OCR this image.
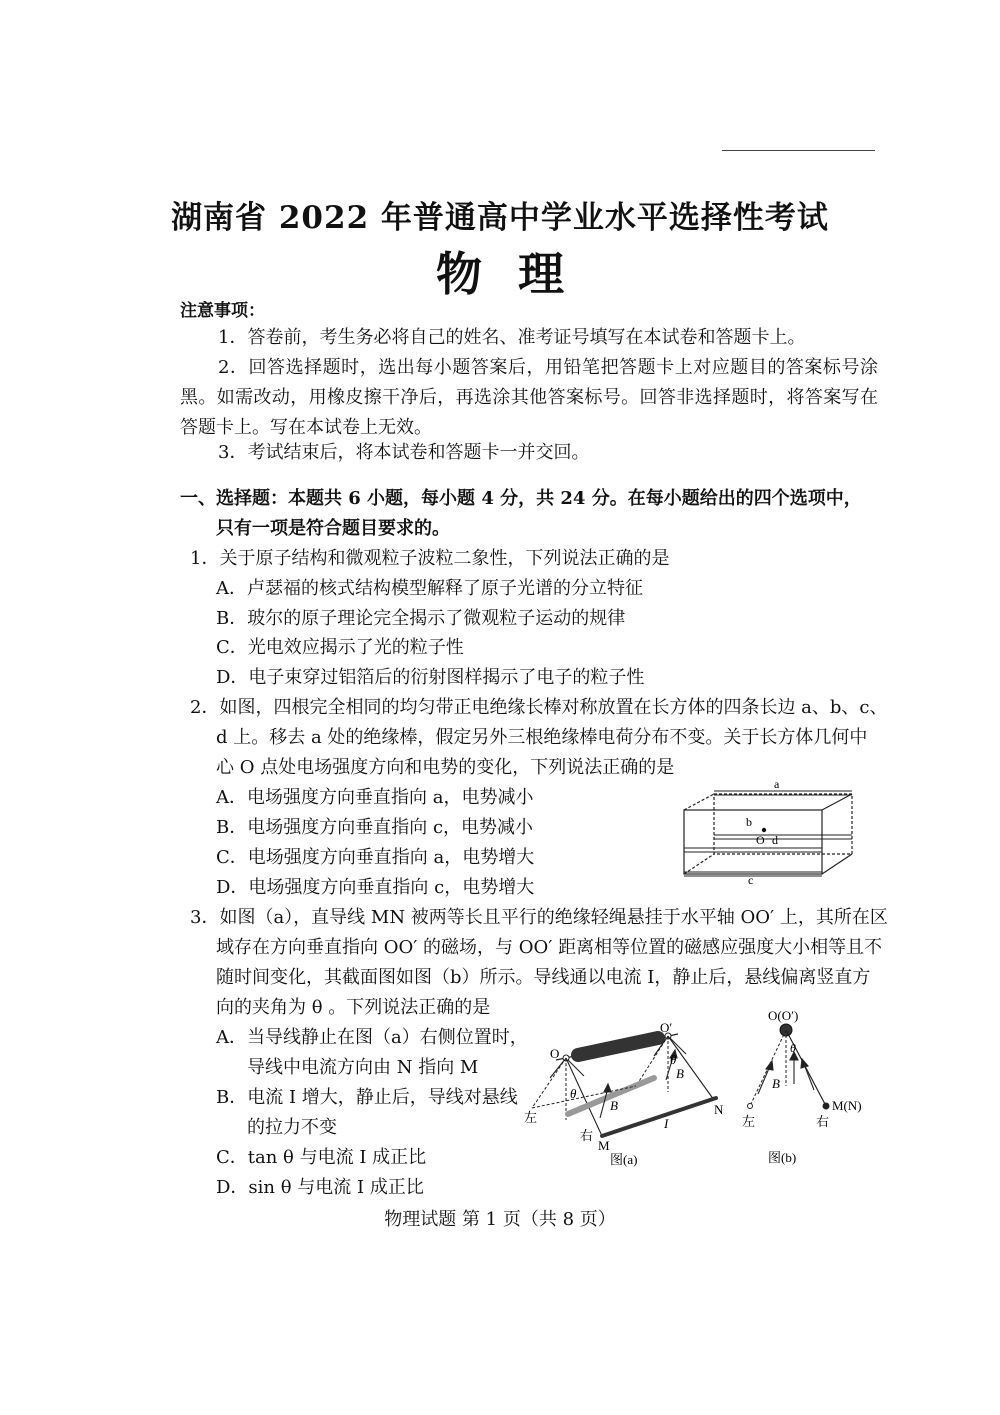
湖南省 2022 年普通高中学业水平选择性考试
物理
注意事项：
1．答卷前，考生务必将自己的姓名、准考证号填写在本试卷和答题卡上。
2．回答选择题时，选出每小题答案后，用铅笔把答题卡上对应题目的答案标号涂黑。如需改动，用橡皮擦干净后，再选涂其他答案标号。回答非选择题时，将答案写在答题卡上。写在本试卷上无效。
3．考试结束后，将本试卷和答题卡一并交回。
一、选择题：本题共 6 小题，每小题 4 分，共 24 分。在每小题给出的四个选项中，
只有一项是符合题目要求的。
1．关于原子结构和微观粒子波粒二象性，下列说法正确的是
A．卢瑟福的核式结构模型解释了原子光谱的分立特征
B．玻尔的原子理论完全揭示了微观粒子运动的规律
C．光电效应揭示了光的粒子性
D．电子束穿过铝箔后的衍射图样揭示了电子的粒子性
2．如图，四根完全相同的均匀带正电绝缘长棒对称放置在长方体的四条长边 a、b、c、
d 上。移去 a 处的绝缘棒，假定另外三根绝缘棒电荷分布不变。关于长方体几何中
心 O 点处电场强度方向和电势的变化，下列说法正确的是
A．电场强度方向垂直指向 a，电势减小
B．电场强度方向垂直指向 c，电势减小
C．电场强度方向垂直指向 a，电势增大
D．电场强度方向垂直指向 c，电势增大
a
b
O d
c
3．如图（a），直导线 MN 被两等长且平行的绝缘轻绳悬挂于水平轴 OO′ 上，其所在区
域存在方向垂直指向 OO′ 的磁场，与 OO′ 距离相等位置的磁感应强度大小相等且不
随时间变化，其截面图如图（b）所示。导线通以电流 I，静止后，悬线偏离竖直方
向的夹角为 θ 。下列说法正确的是
A．当导线静止在图（a）右侧位置时，
导线中电流方向由 N 指向 M
B．电流 I 增大，静止后，导线对悬线
的拉力不变
C．tan θ 与电流 I 成正比
D．sin θ 与电流 I 成正比
O
O′
θ
θ
B
B
左
右
M
N
I
图(a)
O(O′)
θ
B
M(N)
左	右
图(b)
物理试题 第 1 页（共 8 页）
